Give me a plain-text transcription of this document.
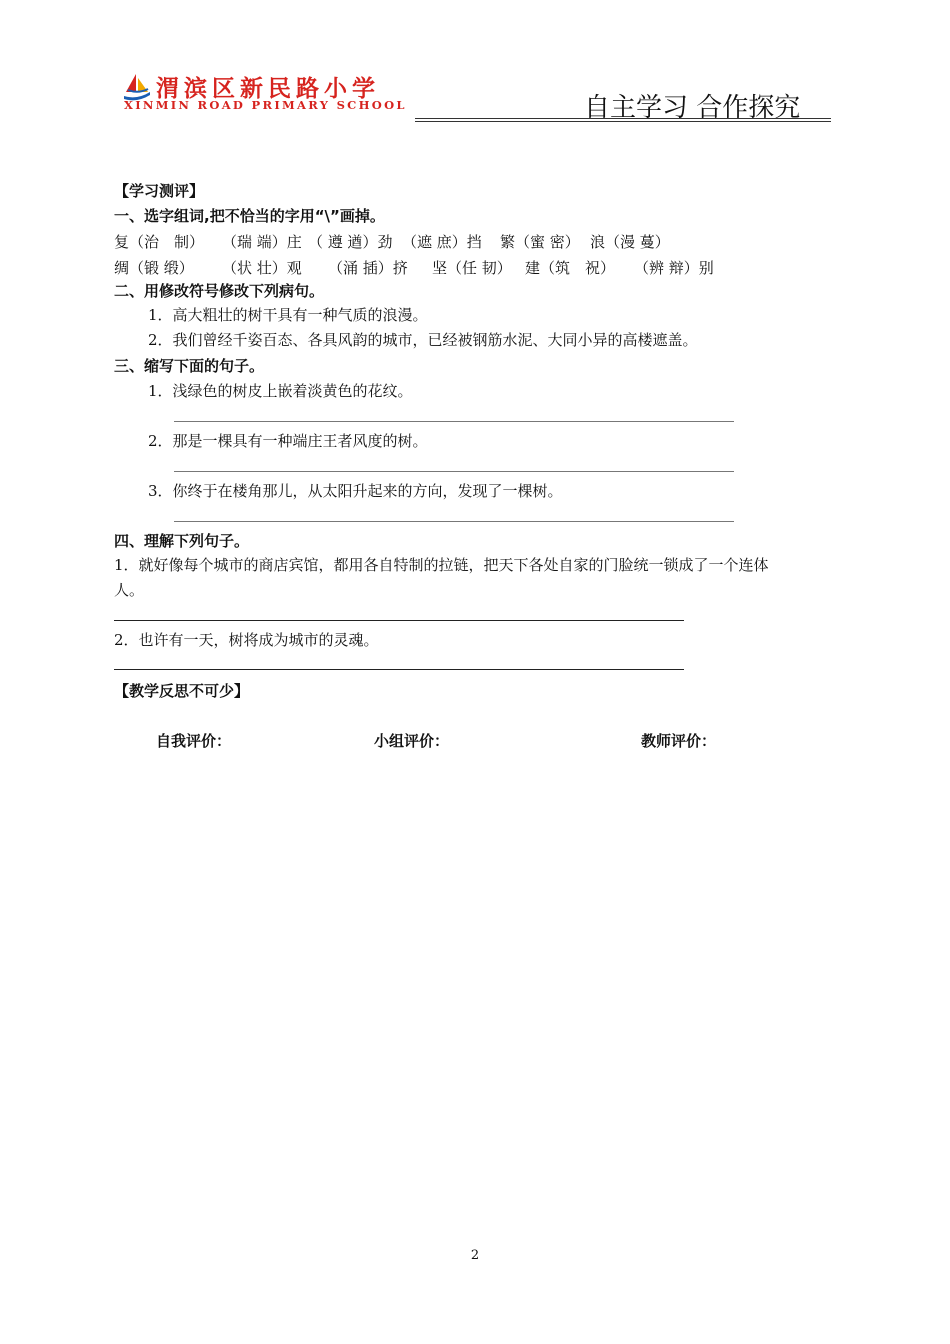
渭滨区新民路小学
XINMIN ROAD PRIMARY SCHOOL	自主学习 合作探究
【学习测评】
一、选字组词,把不恰当的字用“\”画掉。
复（治　制） （瑞 端）庄 （ 遵 遒）劲 （遮 庶）挡 繁（蜜 密） 浪（漫 蔓）
绸（锻 缎） （状 壮）观 （涌 插）挤 坚（任 韧） 建（筑　祝） （辨 辩）别
二、用修改符号修改下列病句。
1．高大粗壮的树干具有一种气质的浪漫。
2．我们曾经千姿百态、各具风韵的城市，已经被钢筋水泥、大同小异的高楼遮盖。
三、缩写下面的句子。
1．浅绿色的树皮上嵌着淡黄色的花纹。
2．那是一棵具有一种端庄王者风度的树。
3．你终于在楼角那儿，从太阳升起来的方向，发现了一棵树。
四、理解下列句子。
1．就好像每个城市的商店宾馆，都用各自特制的拉链，把天下各处自家的门脸统一锁成了一个连体
人。
2．也许有一天，树将成为城市的灵魂。
【教学反思不可少】
自我评价：	小组评价：	教师评价：
2
